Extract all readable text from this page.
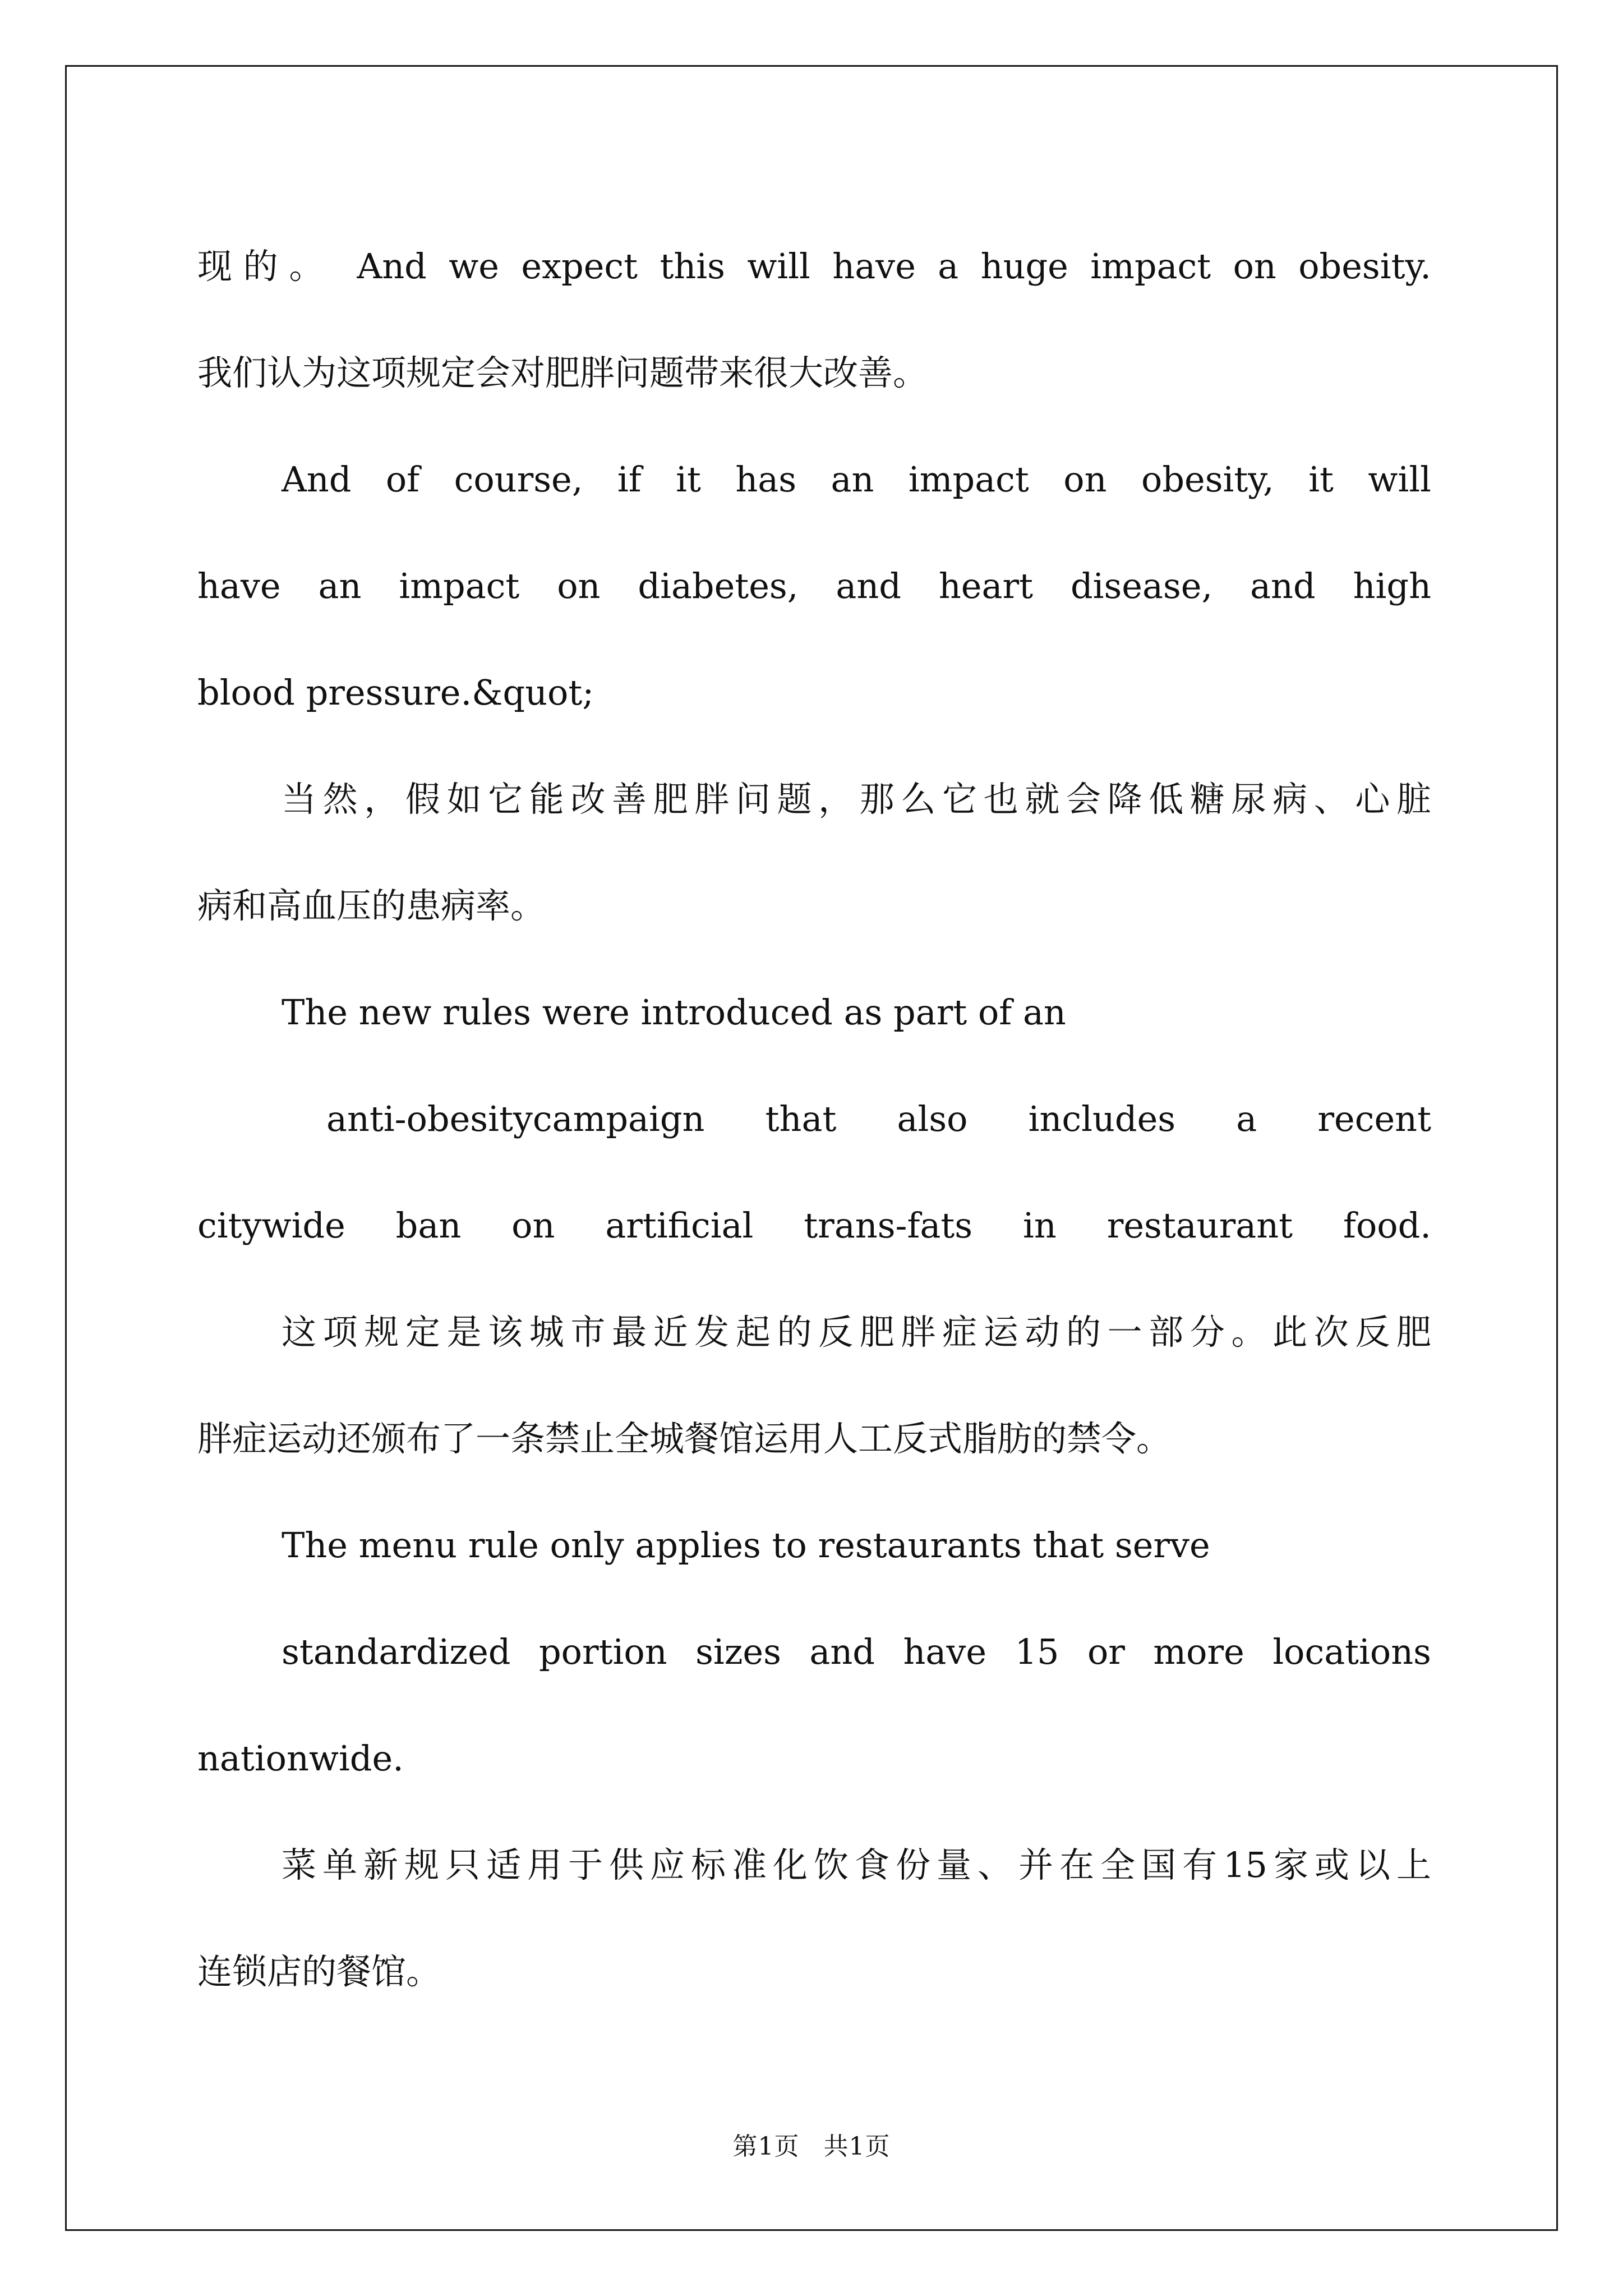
现的。 And we expect this will have a huge impact on obesity.
我们认为这项规定会对肥胖问题带来很大改善。
And of course, if it has an impact on obesity, it will
have an impact on diabetes, and heart disease, and high
blood pressure.&quot;
当然，假如它能改善肥胖问题，那么它也就会降低糖尿病、心脏
病和高血压的患病率。
The new rules were introduced as part of an
anti-obesitycampaign that also includes a recent
citywide ban on artificial trans-fats in restaurant food.
这项规定是该城市最近发起的反肥胖症运动的一部分。此次反肥
胖症运动还颁布了一条禁止全城餐馆运用人工反式脂肪的禁令。
The menu rule only applies to restaurants that serve
standardized portion sizes and have 15 or more locations
nationwide.
菜单新规只适用于供应标准化饮食份量、并在全国有15家或以上
连锁店的餐馆。
第1页 共1页
